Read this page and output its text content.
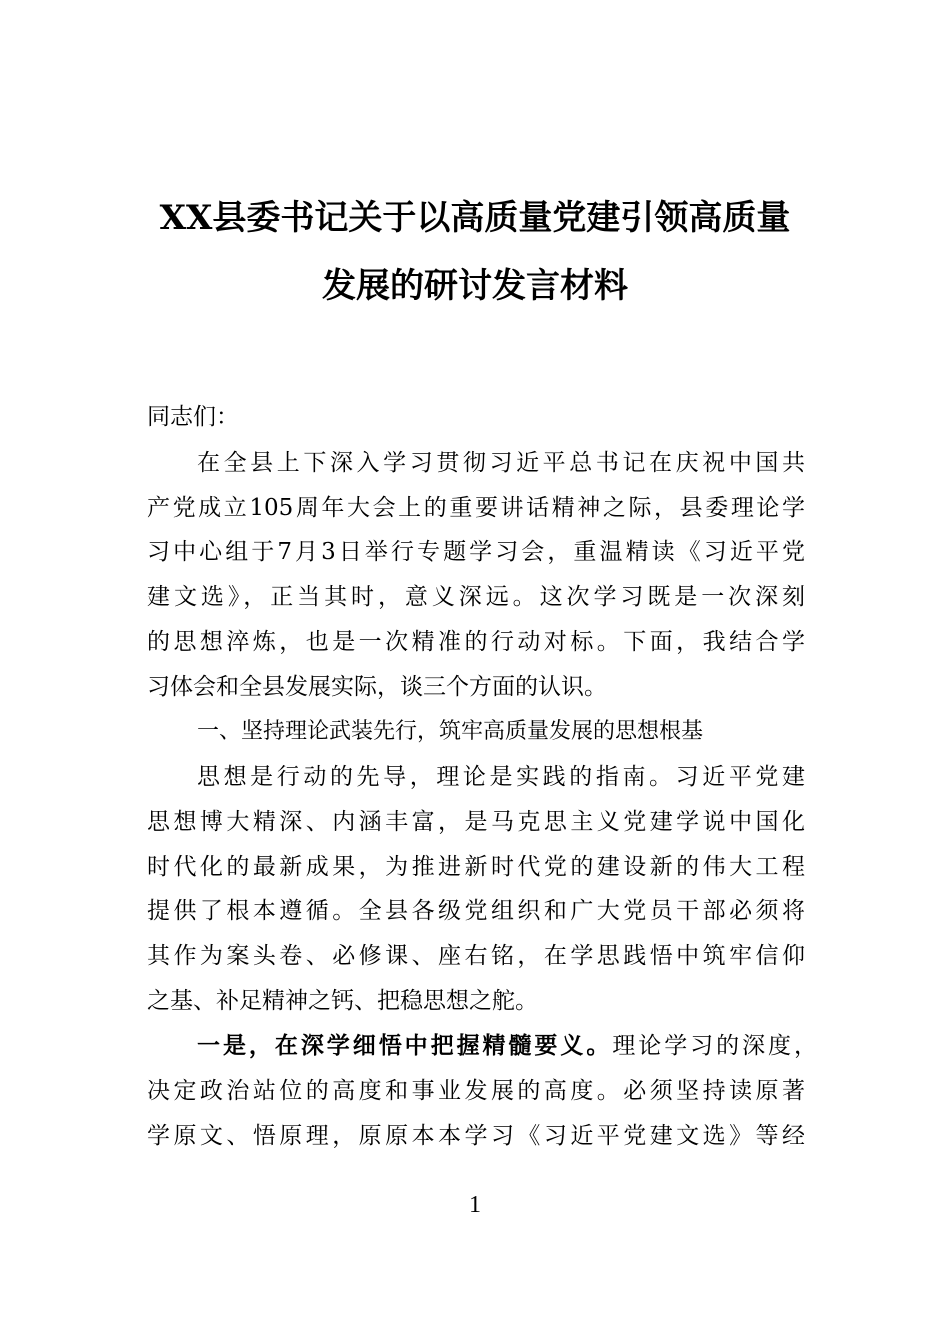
XX县委书记关于以高质量党建引领高质量
发展的研讨发言材料
同志们：
在全县上下深入学习贯彻习近平总书记在庆祝中国共
产党成立105周年大会上的重要讲话精神之际，县委理论学
习中心组于7月3日举行专题学习会，重温精读《习近平党
建文选》，正当其时，意义深远。这次学习既是一次深刻
的思想淬炼，也是一次精准的行动对标。下面，我结合学
习体会和全县发展实际，谈三个方面的认识。
一、坚持理论武装先行，筑牢高质量发展的思想根基
思想是行动的先导，理论是实践的指南。习近平党建
思想博大精深、内涵丰富，是马克思主义党建学说中国化
时代化的最新成果，为推进新时代党的建设新的伟大工程
提供了根本遵循。全县各级党组织和广大党员干部必须将
其作为案头卷、必修课、座右铭，在学思践悟中筑牢信仰
之基、补足精神之钙、把稳思想之舵。
一是，在深学细悟中把握精髓要义。理论学习的深度，
决定政治站位的高度和事业发展的高度。必须坚持读原著
学原文、悟原理，原原本本学习《习近平党建文选》等经
1
